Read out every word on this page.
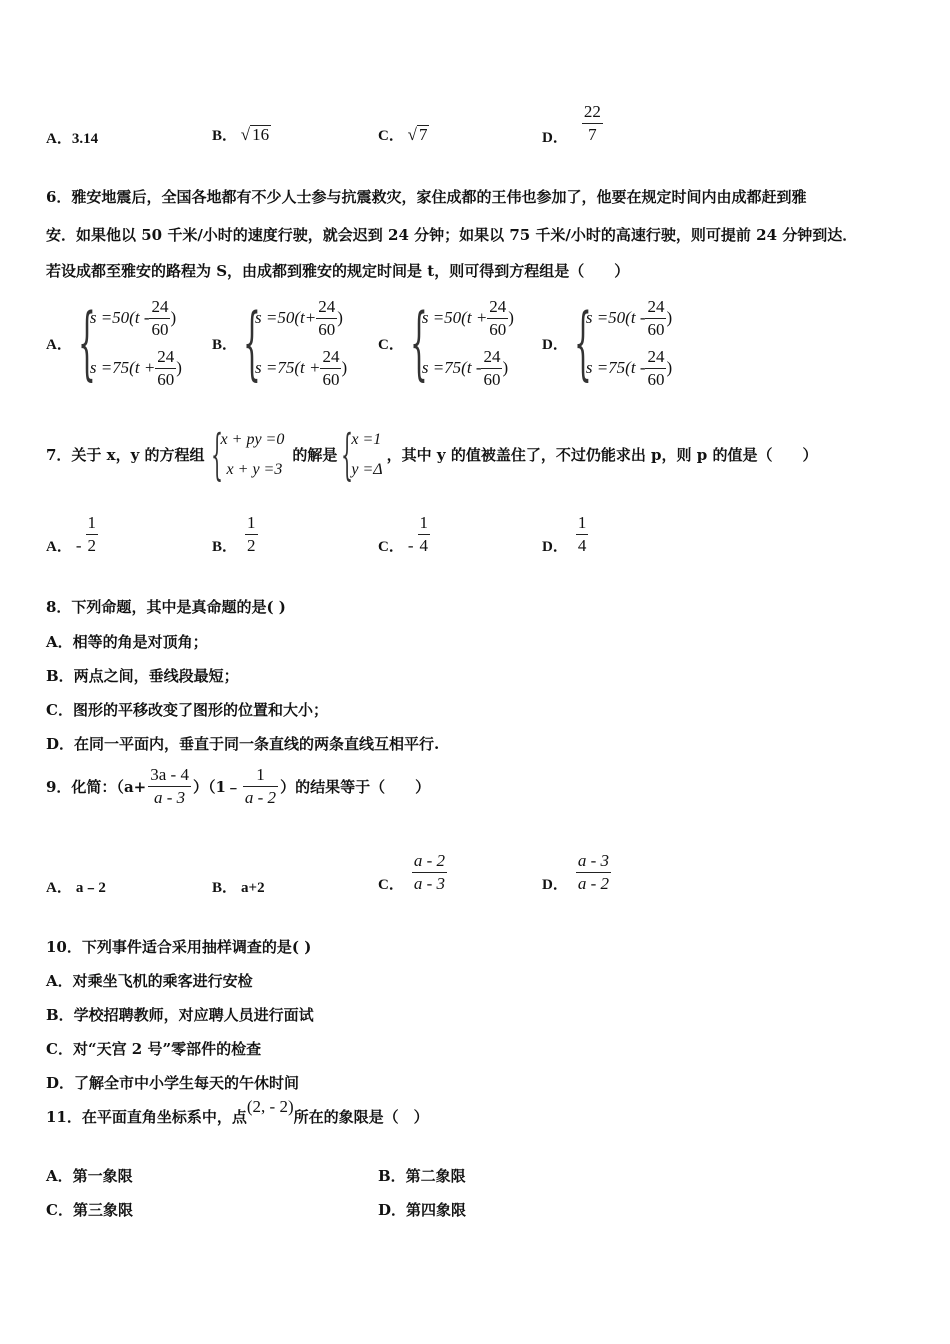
A．3.14	B． √ 16	C． √ 7	D． $\frac{22}{7}$
6．雅安地震后，全国各地都有不少人士参与抗震救灾，家住成都的王伟也参加了，他要在规定时间内由成都赶到雅
安．如果他以 50 千米/小时的速度行驶，就会迟到 24 分钟；如果以 75 千米/小时的高速行驶，则可提前 24 分钟到达．
若设成都至雅安的路程为 S，由成都到雅安的规定时间是 t，则可得到方程组是（　　）
A． {
$s =50(t - \frac{24}{60}$ )
$s =75(t + \frac{24}{60}$ )
B． {
$s =50(t+ \frac{24}{60}$ )
$s =75(t + \frac{24}{60}$ )
C． {
$s =50(t + \frac{24}{60}$ )
$s =75(t - \frac{24}{60}$ )
D． {
$s =50(t - \frac{24}{60}$ )
$s =75(t - \frac{24}{60}$ )
7．关于 x，y 的方程组 {
x + py =0
x + y =3
的解是 {
x =1
y =Δ
，其中 y 的值被盖住了，不过仍能求出 p，则 p 的值是（　　）
A． - $\frac{1}{2}$	B． $\frac{1}{2}$	C． - $\frac{1}{4}$	D． $\frac{1}{4}$
8．下列命题，其中是真命题的是( )
A．相等的角是对顶角；
B．两点之间，垂线段最短；
C．图形的平移改变了图形的位置和大小；
D．在同一平面内，垂直于同一条直线的两条直线互相平行.
9．化简：（$a+ \frac{3a - 4}{a - 3}$ ）（1﹣ $\frac{1}{a - 2}$ ）的结果等于（　　）
A． a﹣2	B． a+2	C． $\frac{a - 2}{a - 3}$	D． $\frac{a - 3}{a - 2}$
10．下列事件适合采用抽样调查的是( )
A．对乘坐飞机的乘客进行安检
B．学校招聘教师，对应聘人员进行面试
C．对“天宫 2 号”零部件的检查
D．了解全市中小学生每天的午休时间
11．在平面直角坐标系中，点
(2, - 2)
所在的象限是（　）
A．第一象限	B．第二象限
C．第三象限	D．第四象限
